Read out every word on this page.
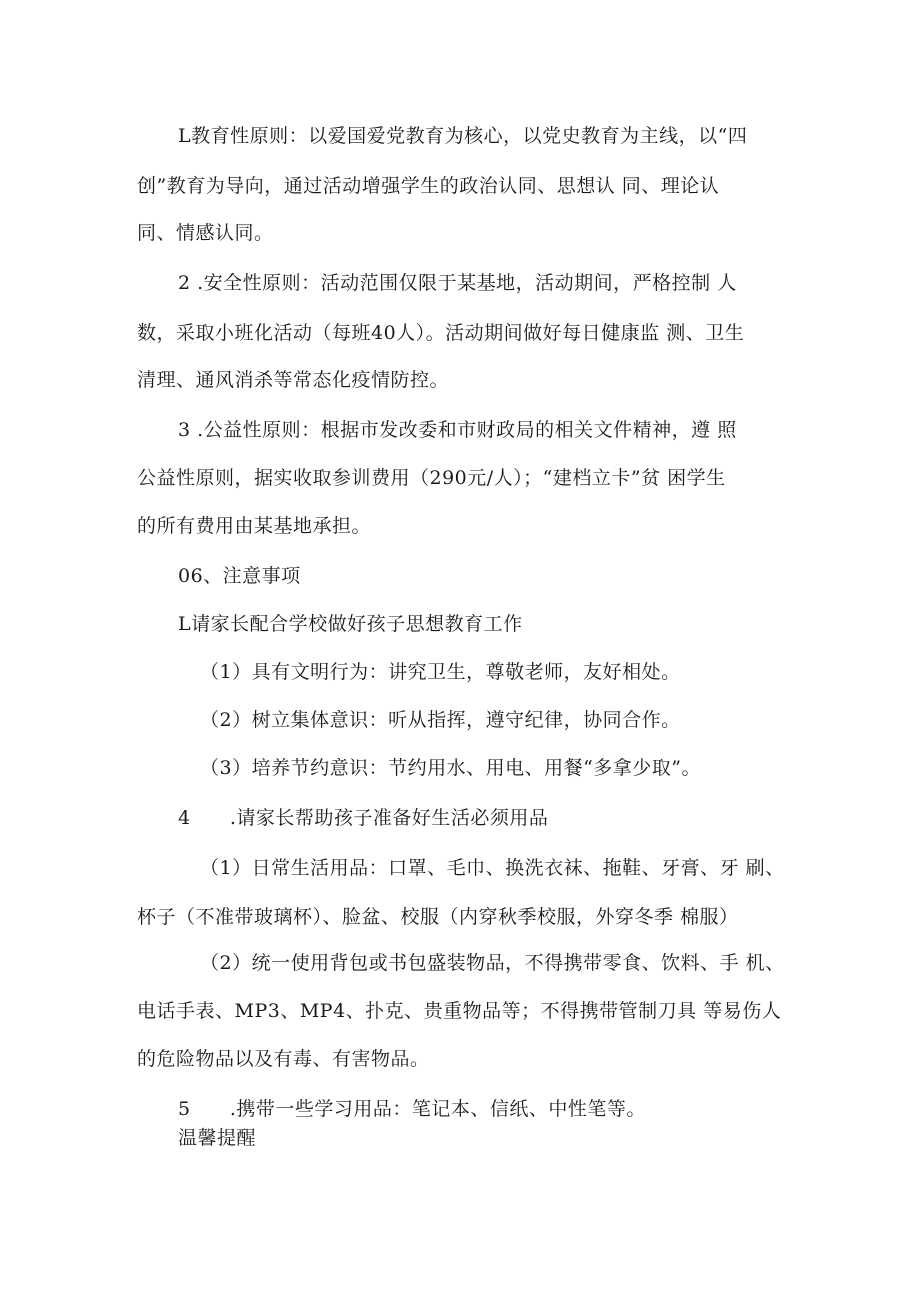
L教育性原则：以爱国爱党教育为核心，以党史教育为主线，以“四
创”教育为导向，通过活动增强学生的政治认同、思想认 同、理论认
同、情感认同。
2 .安全性原则：活动范围仅限于某基地，活动期间，严格控制 人
数，采取小班化活动（每班40人）。活动期间做好每日健康监 测、卫生
清理、通风消杀等常态化疫情防控。
3 .公益性原则：根据市发改委和市财政局的相关文件精神，遵 照
公益性原则，据实收取参训费用（290元/人）；“建档立卡”贫 困学生
的所有费用由某基地承担。
06、注意事项
L请家长配合学校做好孩子思想教育工作
（1）具有文明行为：讲究卫生，尊敬老师，友好相处。
（2）树立集体意识：听从指挥，遵守纪律，协同合作。
（3）培养节约意识：节约用水、用电、用餐“多拿少取”。
4      .请家长帮助孩子准备好生活必须用品
（1）日常生活用品：口罩、毛巾、换洗衣袜、拖鞋、牙膏、牙 刷、
杯子（不准带玻璃杯）、脸盆、校服（内穿秋季校服，外穿冬季 棉服）
（2）统一使用背包或书包盛装物品，不得携带零食、饮料、手 机、
电话手表、MP3、MP4、扑克、贵重物品等；不得携带管制刀具 等易伤人
的危险物品以及有毒、有害物品。
5      .携带一些学习用品：笔记本、信纸、中性笔等。
温馨提醒
